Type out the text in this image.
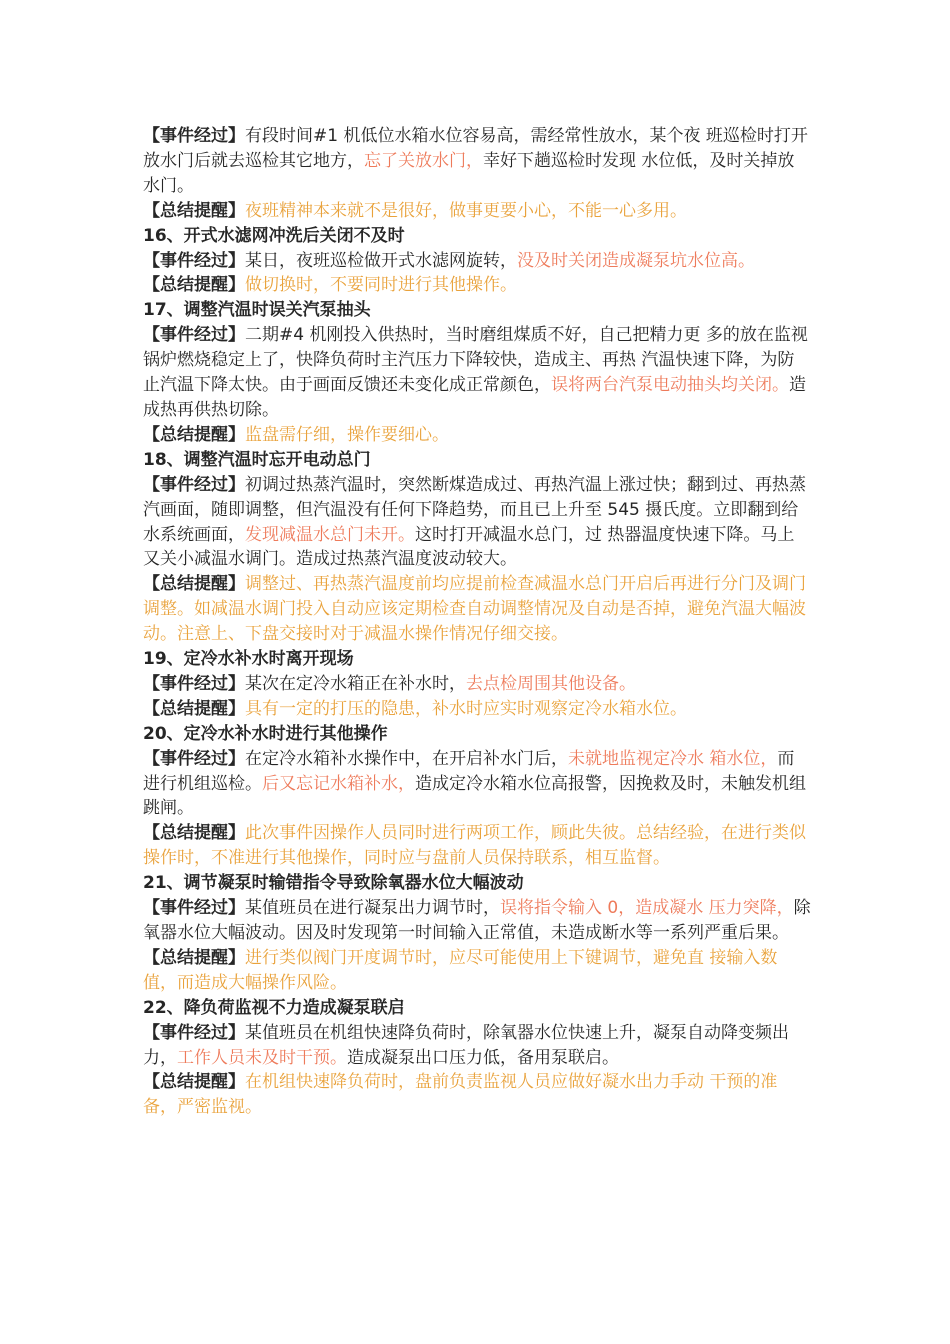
【事件经过】有段时间#1 机低位水箱水位容易高，需经常性放水，某个夜 班巡检时打开放水门后就去巡检其它地方，忘了关放水门，幸好下趟巡检时发现 水位低，及时关掉放水门。
【总结提醒】夜班精神本来就不是很好，做事更要小心，不能一心多用。
16、开式水滤网冲洗后关闭不及时
【事件经过】某日，夜班巡检做开式水滤网旋转，没及时关闭造成凝泵坑水位高。
【总结提醒】做切换时，不要同时进行其他操作。
17、调整汽温时误关汽泵抽头
【事件经过】二期#4 机刚投入供热时，当时磨组煤质不好，自己把精力更 多的放在监视锅炉燃烧稳定上了，快降负荷时主汽压力下降较快，造成主、再热 汽温快速下降，为防止汽温下降太快。由于画面反馈还未变化成正常颜色，误将两台汽泵电动抽头均关闭。造成热再供热切除。
【总结提醒】监盘需仔细，操作要细心。
18、调整汽温时忘开电动总门
【事件经过】初调过热蒸汽温时，突然断煤造成过、再热汽温上涨过快；翻到过、再热蒸汽画面，随即调整，但汽温没有任何下降趋势，而且已上升至 545 摄氏度。立即翻到给水系统画面，发现减温水总门未开。这时打开减温水总门，过 热器温度快速下降。马上又关小减温水调门。造成过热蒸汽温度波动较大。
【总结提醒】调整过、再热蒸汽温度前均应提前检查减温水总门开启后再进行分门及调门调整。如减温水调门投入自动应该定期检查自动调整情况及自动是否掉，避免汽温大幅波动。注意上、下盘交接时对于减温水操作情况仔细交接。
19、定冷水补水时离开现场
【事件经过】某次在定冷水箱正在补水时，去点检周围其他设备。
【总结提醒】具有一定的打压的隐患，补水时应实时观察定冷水箱水位。
20、定冷水补水时进行其他操作
【事件经过】在定冷水箱补水操作中，在开启补水门后，未就地监视定冷水 箱水位，而进行机组巡检。后又忘记水箱补水，造成定冷水箱水位高报警，因挽救及时，未触发机组跳闸。
【总结提醒】此次事件因操作人员同时进行两项工作，顾此失彼。总结经验，在进行类似操作时，不准进行其他操作，同时应与盘前人员保持联系，相互监督。
21、调节凝泵时输错指令导致除氧器水位大幅波动
【事件经过】某值班员在进行凝泵出力调节时，误将指令输入 0，造成凝水 压力突降，除氧器水位大幅波动。因及时发现第一时间输入正常值，未造成断水等一系列严重后果。
【总结提醒】进行类似阀门开度调节时，应尽可能使用上下键调节，避免直 接输入数值，而造成大幅操作风险。
22、降负荷监视不力造成凝泵联启
【事件经过】某值班员在机组快速降负荷时，除氧器水位快速上升，凝泵自动降变频出力，工作人员未及时干预。造成凝泵出口压力低，备用泵联启。
【总结提醒】在机组快速降负荷时，盘前负责监视人员应做好凝水出力手动 干预的准备，严密监视。
